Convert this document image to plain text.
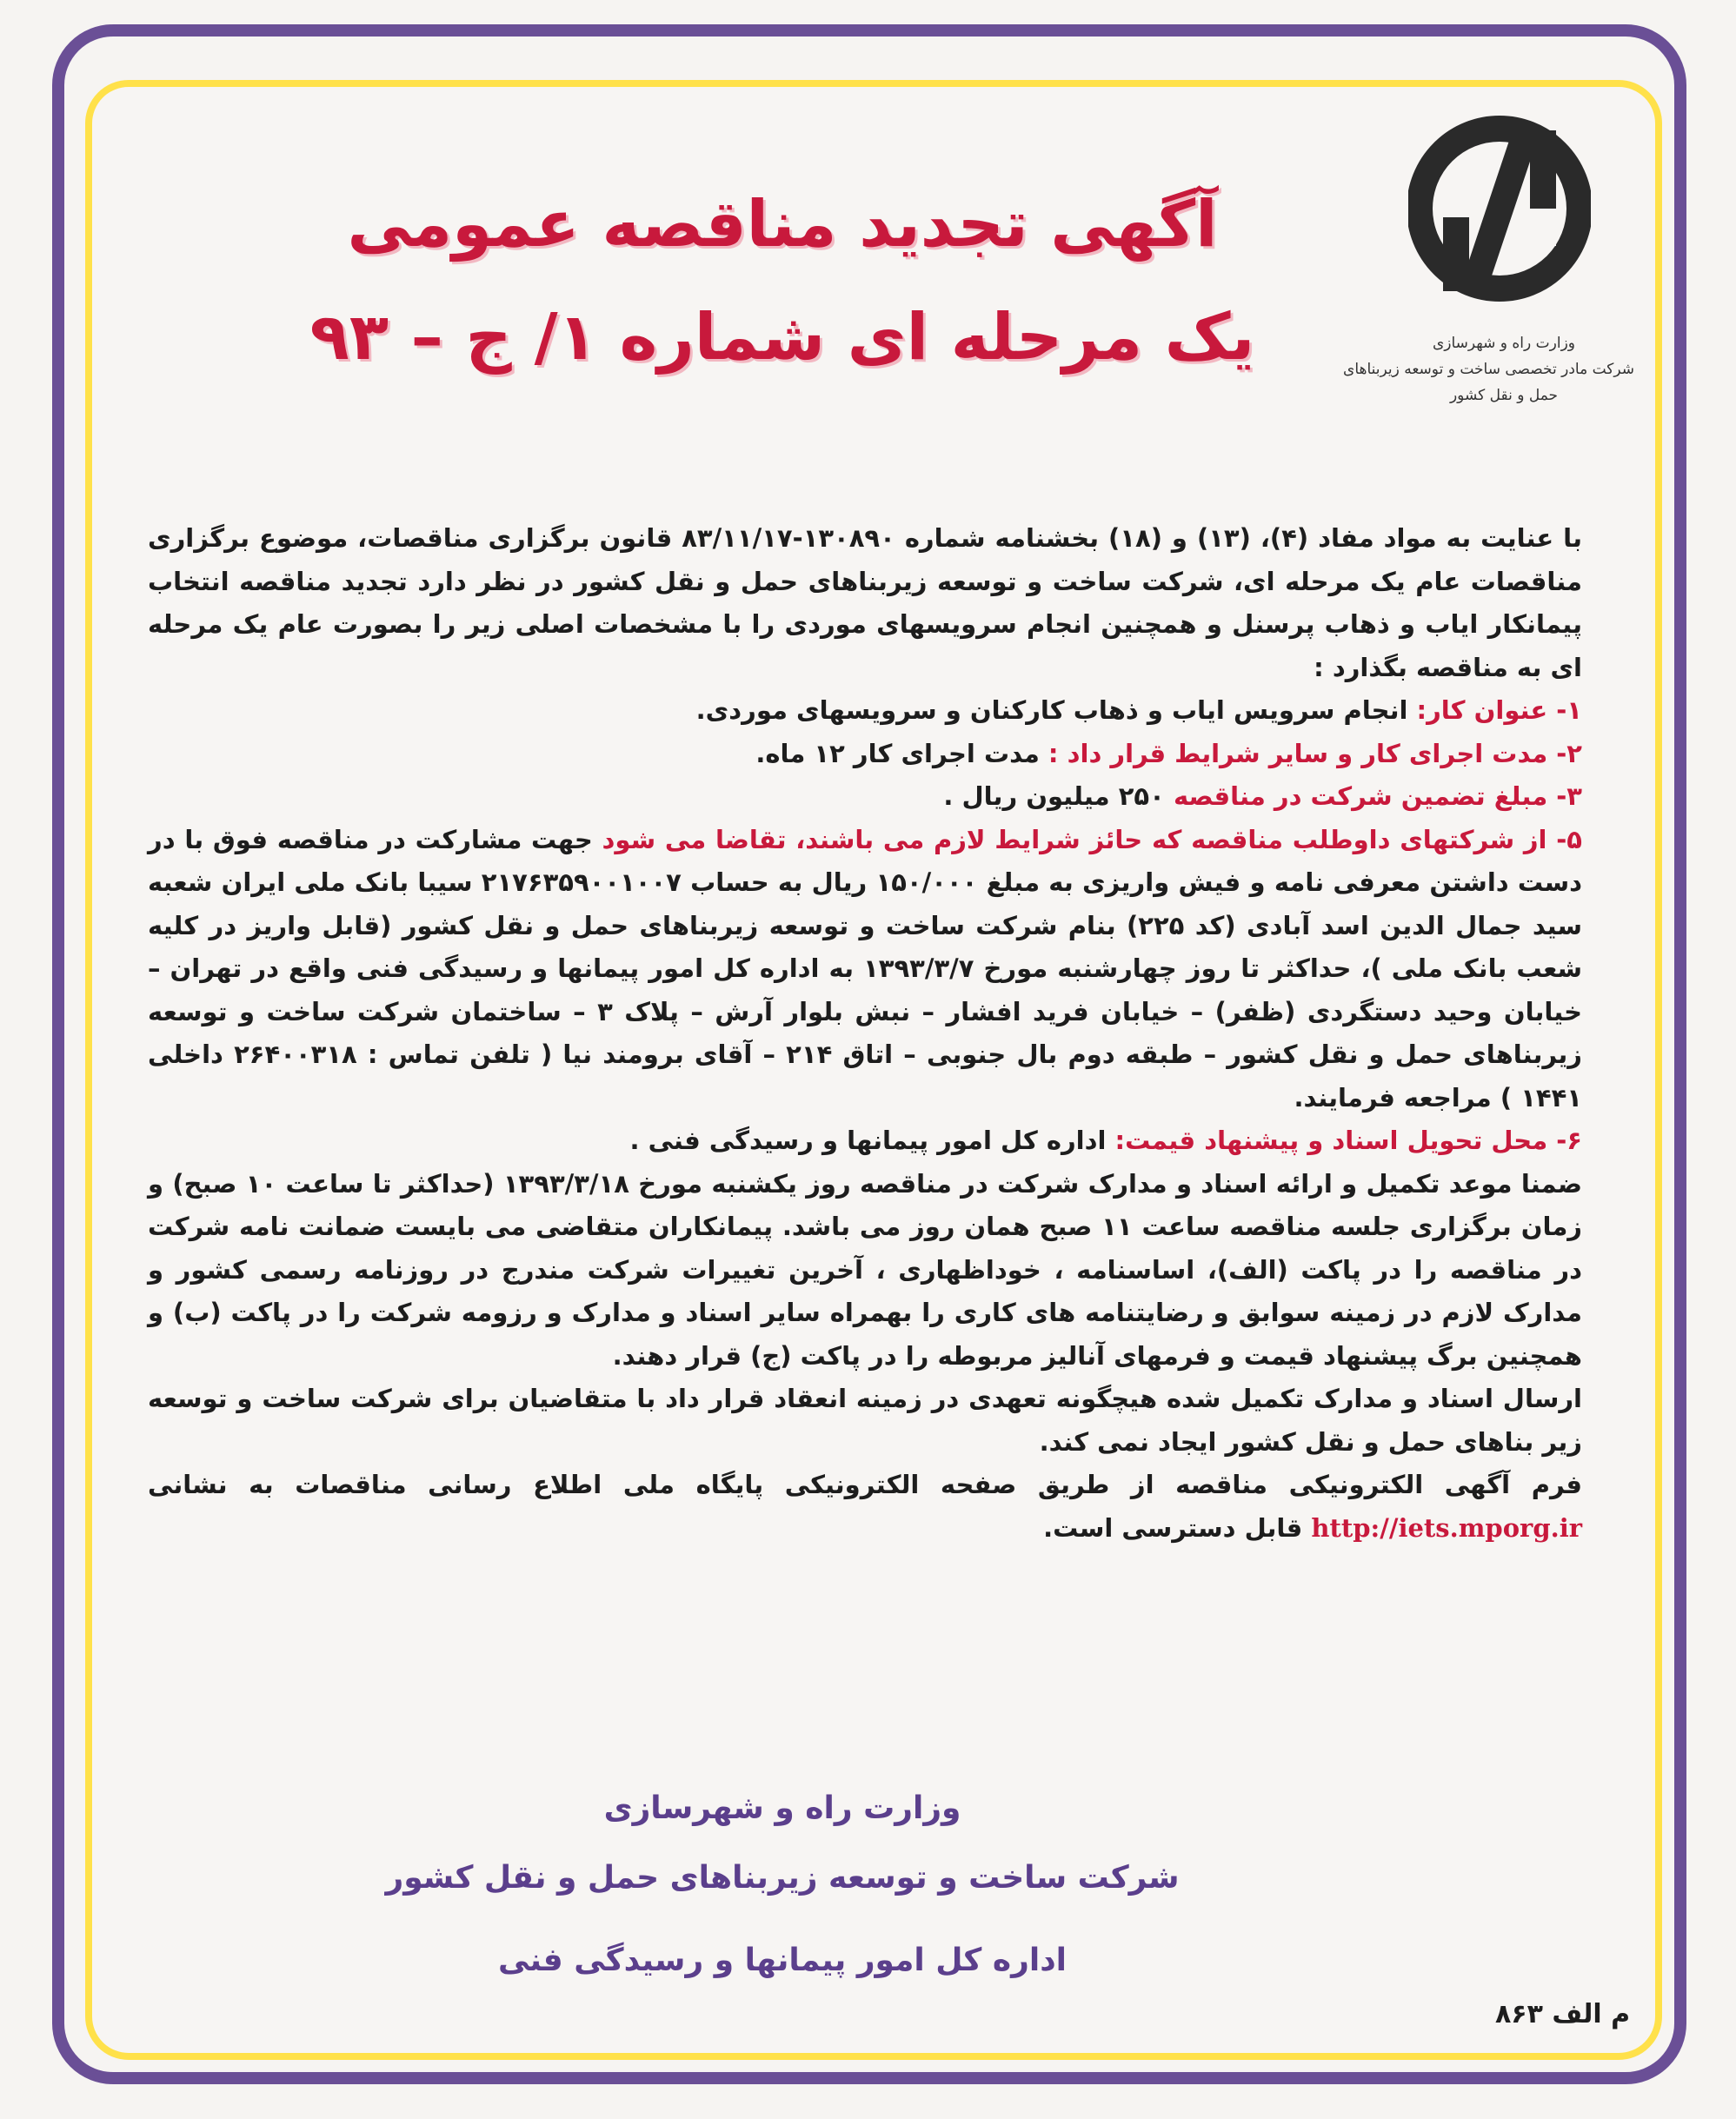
وزارت راه و شهرسازی
شرکت مادر تخصصی ساخت و توسعه زیربناهای
حمل و نقل کشور
آگهی تجدید مناقصه عمومی
یک مرحله ای شماره ۱/ ج – ۹۳

با عنایت به مواد مفاد (۴)، (۱۳) و (۱۸) بخشنامه شماره ۱۳۰۸۹۰-۸۳/۱۱/۱۷ قانون برگزاری مناقصات، موضوع برگزاری مناقصات عام یک مرحله ای، شرکت ساخت و توسعه زیربناهای حمل و نقل کشور در نظر دارد تجدید مناقصه انتخاب پیمانکار ایاب و ذهاب پرسنل و همچنین انجام سرویسهای موردی را با مشخصات اصلی زیر را بصورت عام یک مرحله ای به مناقصه بگذارد :

۱- عنوان کار: انجام سرویس ایاب و ذهاب کارکنان و سرویسهای موردی.

۲- مدت اجرای کار و سایر شرایط قرار داد : مدت اجرای کار ۱۲ ماه.

۳- مبلغ تضمین شرکت در مناقصه ۲۵۰ میلیون ریال .

۵- از شرکتهای داوطلب مناقصه که حائز شرایط لازم می باشند، تقاضا می شود جهت مشارکت در مناقصه فوق با در دست داشتن معرفی نامه و فیش واریزی به مبلغ ۱۵۰/۰۰۰ ریال به حساب ۲۱۷۶۳۵۹۰۰۱۰۰۷ سیبا بانک ملی ایران شعبه سید جمال الدین اسد آبادی (کد ۲۲۵) بنام شرکت ساخت و توسعه زیربناهای حمل و نقل کشور (قابل واریز در کلیه شعب بانک ملی )، حداکثر تا روز چهارشنبه مورخ ۱۳۹۳/۳/۷ به اداره کل امور پیمانها و رسیدگی فنی واقع در تهران – خیابان وحید دستگردی (ظفر) – خیابان فرید افشار – نبش بلوار آرش – پلاک ۳ – ساختمان شرکت ساخت و توسعه زیربناهای حمل و نقل کشور – طبقه دوم بال جنوبی – اتاق ۲۱۴ – آقای برومند نیا ( تلفن تماس : ۲۶۴۰۰۳۱۸ داخلی ۱۴۴۱ ) مراجعه فرمایند.

۶- محل تحویل اسناد و پیشنهاد قیمت: اداره کل امور پیمانها و رسیدگی فنی .

ضمنا موعد تکمیل و ارائه اسناد و مدارک شرکت در مناقصه روز یکشنبه مورخ ۱۳۹۳/۳/۱۸ (حداکثر تا ساعت ۱۰ صبح) و زمان برگزاری جلسه مناقصه ساعت ۱۱ صبح همان روز می باشد. پیمانکاران متقاضی می بایست ضمانت نامه شرکت در مناقصه را در پاکت (الف)، اساسنامه ، خوداظهاری ، آخرین تغییرات شرکت مندرج در روزنامه رسمی کشور و مدارک لازم در زمینه سوابق و رضایتنامه های کاری را بهمراه سایر اسناد و مدارک و رزومه شرکت را در پاکت (ب) و همچنین برگ پیشنهاد قیمت و فرمهای آنالیز مربوطه را در پاکت (ج) قرار دهند.

ارسال اسناد و مدارک تکمیل شده هیچگونه تعهدی در زمینه انعقاد قرار داد با متقاضیان برای شرکت ساخت و توسعه زیر بناهای حمل و نقل کشور ایجاد نمی کند.

فرم آگهی الکترونیکی مناقصه از طریق صفحه الکترونیکی پایگاه ملی اطلاع رسانی مناقصات به نشانی http://iets.mporg.ir قابل دسترسی است.

وزارت راه و شهرسازی
شرکت ساخت و توسعه زیربناهای حمل و نقل کشور
اداره کل امور پیمانها و رسیدگی فنی
م الف ۸۶۳
